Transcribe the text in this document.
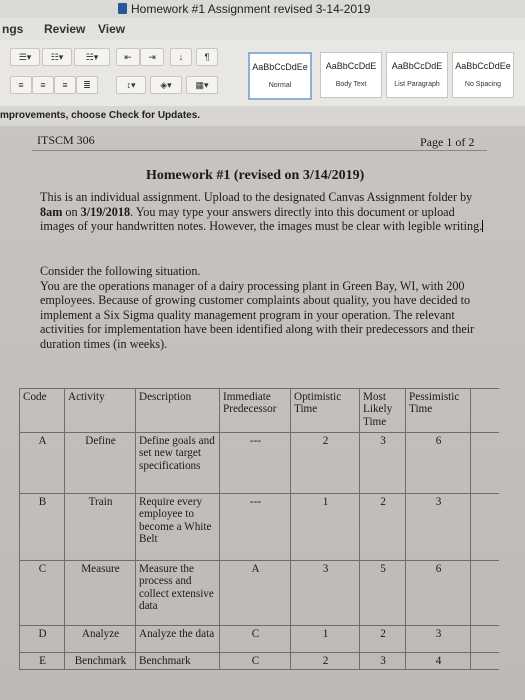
Homework #1 Assignment revised 3-14-2019
ngs Review View
☰▾	☷▾	☵▾	⇤	⇥	↓	¶
≡	≡	≡	≣	↕▾	◈▾	▦▾
AaBbCcDdEe
Normal
AaBbCcDdE
Body Text
AaBbCcDdE
List Paragraph
AaBbCcDdEe
No Spacing
mprovements, choose Check for Updates.
ITSCM 306	Page 1 of 2
Homework #1 (revised on 3/14/2019)
This is an individual assignment. Upload to the designated Canvas Assignment folder by 8am on 3/19/2018. You may type your answers directly into this document or upload images of your handwritten notes. However, the images must be clear with legible writing.
Consider the following situation.
You are the operations manager of a dairy processing plant in Green Bay, WI, with 200 employees. Because of growing customer complaints about quality, you have decided to implement a Six Sigma quality management program in your operation. The relevant activities for implementation have been identified along with their predecessors and their duration times (in weeks).
Code	Activity	Description	Immediate Predecessor
Optimistic Time
Most Likely Time
Pessimistic Time
A	Define	Define goals and set new target specifications
---	2	3	6
B	Train	Require every employee to become a White Belt
---	1	2	3
C	Measure	Measure the process and collect extensive data
A	3	5	6
D	Analyze	Analyze the data	C	1	2	3
E	Benchmark	Benchmark	C	2	3	4
